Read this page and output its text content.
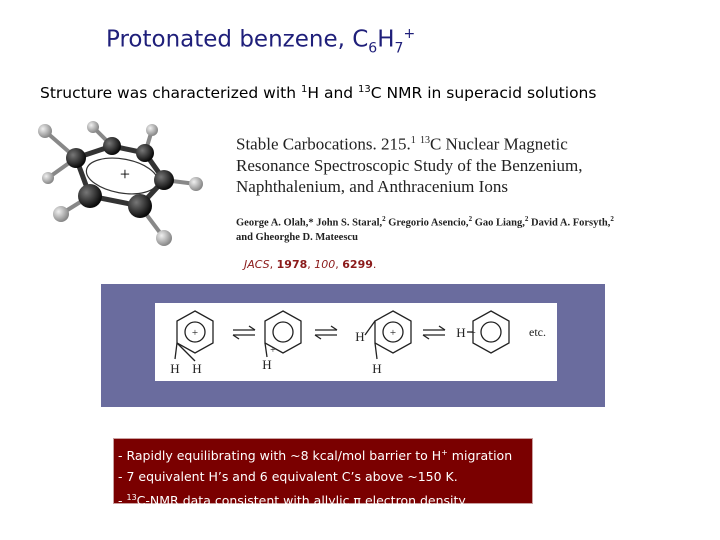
Protonated benzene, $C_6H_7^+$
Structure was characterized with $^1$H and $^{13}$C NMR in superacid solutions
+
Stable Carbocations. 215.$^1$ $^{13}$C Nuclear Magnetic
Resonance Spectroscopic Study of the Benzenium,
Naphthalenium, and Anthracenium Ions
George A. Olah,* John S. Staral,$^2$ Gregorio Asencio,$^2$ Gao Liang,$^2$ David A. Forsyth,$^2$
and Gheorghe D. Mateescu
JACS, 1978, 100, 6299.
+
H H
+
H
+
H
H
H +	etc.
- Rapidly equilibrating with ~8 kcal/mol barrier to H+ migration
- 7 equivalent H’s and 6 equivalent C’s above ~150 K.
- $^{13}$C-NMR data consistent with allylic π electron density
